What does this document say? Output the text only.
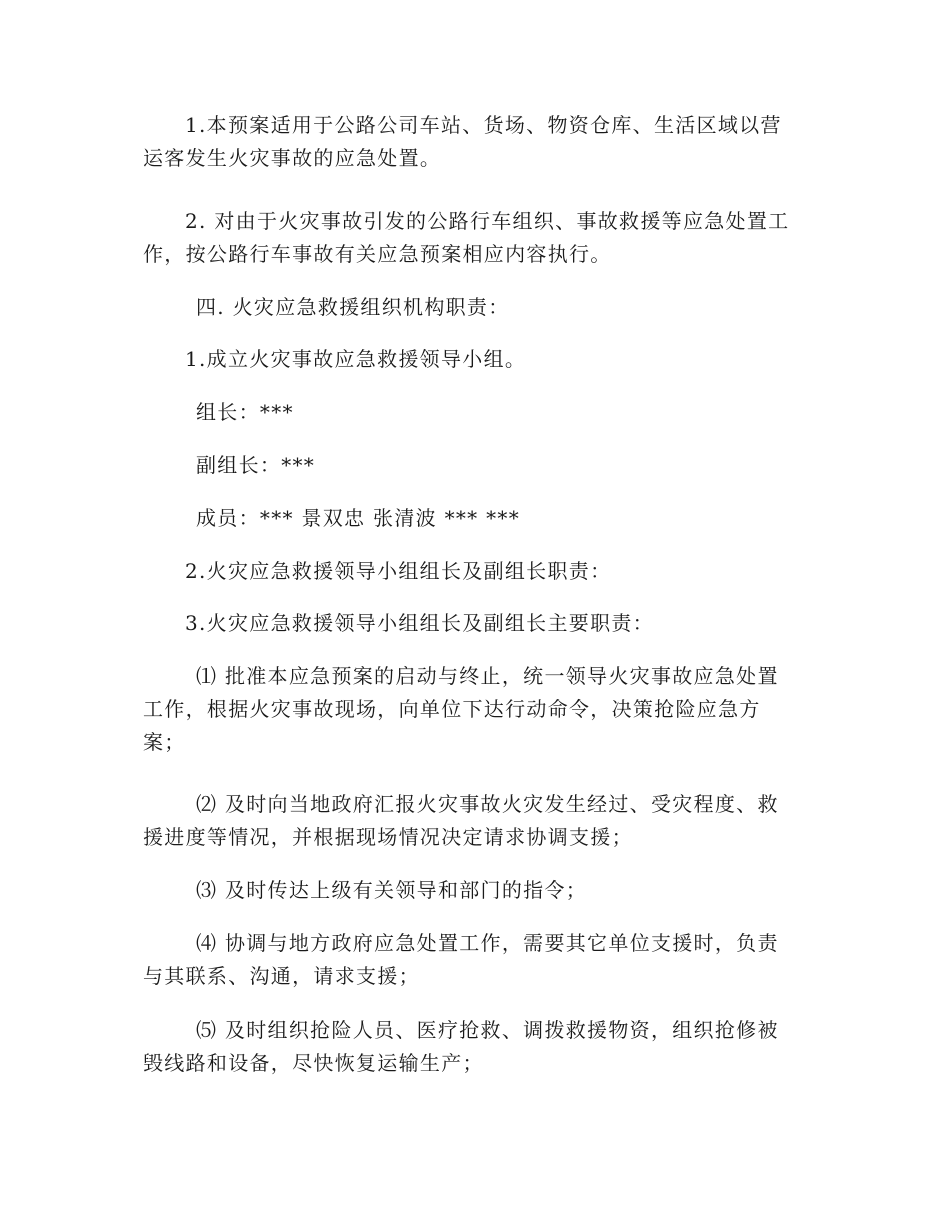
1.本预案适用于公路公司车站、货场、物资仓库、生活区域以营
运客发生火灾事故的应急处置。

2. 对由于火灾事故引发的公路行车组织、事故救援等应急处置工
作，按公路行车事故有关应急预案相应内容执行。

四. 火灾应急救援组织机构职责：

1.成立火灾事故应急救援领导小组。

组长：***

副组长：***

成员：*** 景双忠 张清波 *** ***

2.火灾应急救援领导小组组长及副组长职责：

3.火灾应急救援领导小组组长及副组长主要职责：

⑴ 批准本应急预案的启动与终止，统一领导火灾事故应急处置
工作，根据火灾事故现场，向单位下达行动命令，决策抢险应急方
案；

⑵ 及时向当地政府汇报火灾事故火灾发生经过、受灾程度、救
援进度等情况，并根据现场情况决定请求协调支援；

⑶ 及时传达上级有关领导和部门的指令；

⑷ 协调与地方政府应急处置工作，需要其它单位支援时，负责
与其联系、沟通，请求支援；

⑸ 及时组织抢险人员、医疗抢救、调拨救援物资，组织抢修被
毁线路和设备，尽快恢复运输生产；
